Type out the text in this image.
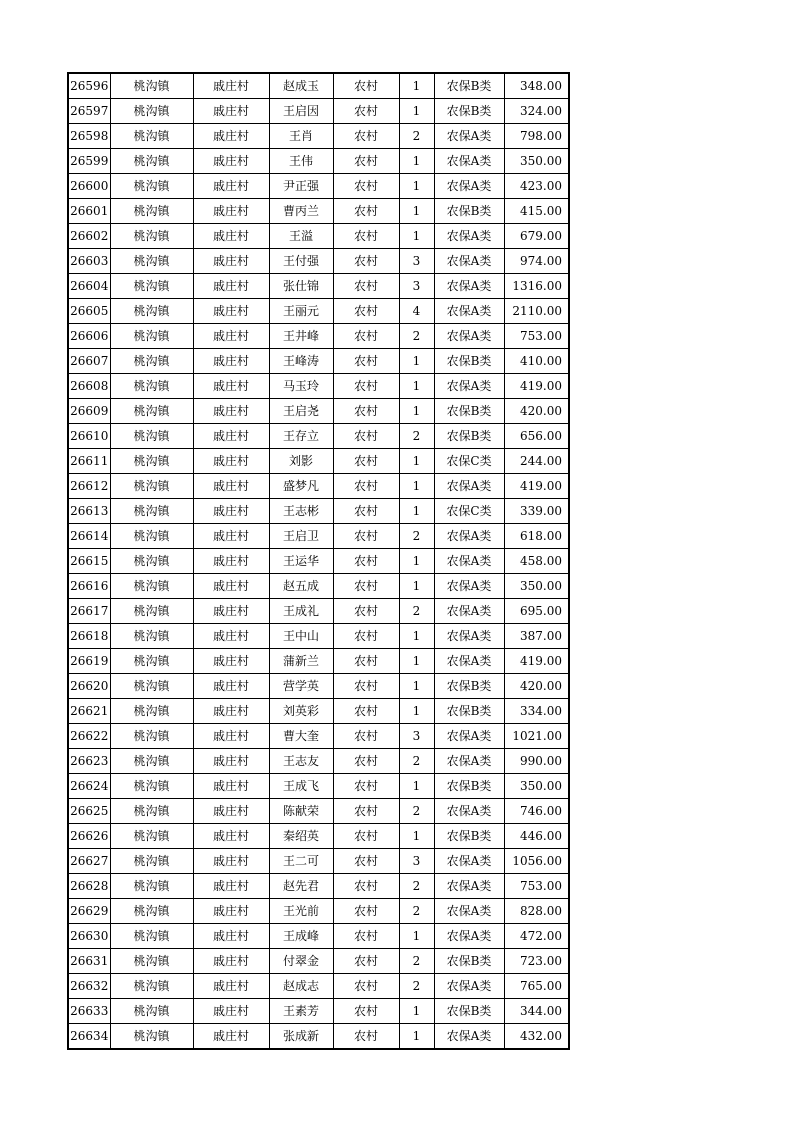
26596	桃沟镇	戚庄村	赵成玉	农村	1	农保B类	348.00
26597	桃沟镇	戚庄村	王启因	农村	1	农保B类	324.00
26598	桃沟镇	戚庄村	王肖	农村	2	农保A类	798.00
26599	桃沟镇	戚庄村	王伟	农村	1	农保A类	350.00
26600	桃沟镇	戚庄村	尹正强	农村	1	农保A类	423.00
26601	桃沟镇	戚庄村	曹丙兰	农村	1	农保B类	415.00
26602	桃沟镇	戚庄村	王溢	农村	1	农保A类	679.00
26603	桃沟镇	戚庄村	王付强	农村	3	农保A类	974.00
26604	桃沟镇	戚庄村	张仕锦	农村	3	农保A类	1316.00
26605	桃沟镇	戚庄村	王丽元	农村	4	农保A类	2110.00
26606	桃沟镇	戚庄村	王井峰	农村	2	农保A类	753.00
26607	桃沟镇	戚庄村	王峰涛	农村	1	农保B类	410.00
26608	桃沟镇	戚庄村	马玉玲	农村	1	农保A类	419.00
26609	桃沟镇	戚庄村	王启尧	农村	1	农保B类	420.00
26610	桃沟镇	戚庄村	王存立	农村	2	农保B类	656.00
26611	桃沟镇	戚庄村	刘影	农村	1	农保C类	244.00
26612	桃沟镇	戚庄村	盛梦凡	农村	1	农保A类	419.00
26613	桃沟镇	戚庄村	王志彬	农村	1	农保C类	339.00
26614	桃沟镇	戚庄村	王启卫	农村	2	农保A类	618.00
26615	桃沟镇	戚庄村	王运华	农村	1	农保A类	458.00
26616	桃沟镇	戚庄村	赵五成	农村	1	农保A类	350.00
26617	桃沟镇	戚庄村	王成礼	农村	2	农保A类	695.00
26618	桃沟镇	戚庄村	王中山	农村	1	农保A类	387.00
26619	桃沟镇	戚庄村	蒲新兰	农村	1	农保A类	419.00
26620	桃沟镇	戚庄村	营学英	农村	1	农保B类	420.00
26621	桃沟镇	戚庄村	刘英彩	农村	1	农保B类	334.00
26622	桃沟镇	戚庄村	曹大奎	农村	3	农保A类	1021.00
26623	桃沟镇	戚庄村	王志友	农村	2	农保A类	990.00
26624	桃沟镇	戚庄村	王成飞	农村	1	农保B类	350.00
26625	桃沟镇	戚庄村	陈献荣	农村	2	农保A类	746.00
26626	桃沟镇	戚庄村	秦绍英	农村	1	农保B类	446.00
26627	桃沟镇	戚庄村	王二可	农村	3	农保A类	1056.00
26628	桃沟镇	戚庄村	赵先君	农村	2	农保A类	753.00
26629	桃沟镇	戚庄村	王光前	农村	2	农保A类	828.00
26630	桃沟镇	戚庄村	王成峰	农村	1	农保A类	472.00
26631	桃沟镇	戚庄村	付翠金	农村	2	农保B类	723.00
26632	桃沟镇	戚庄村	赵成志	农村	2	农保A类	765.00
26633	桃沟镇	戚庄村	王素芳	农村	1	农保B类	344.00
26634	桃沟镇	戚庄村	张成新	农村	1	农保A类	432.00
